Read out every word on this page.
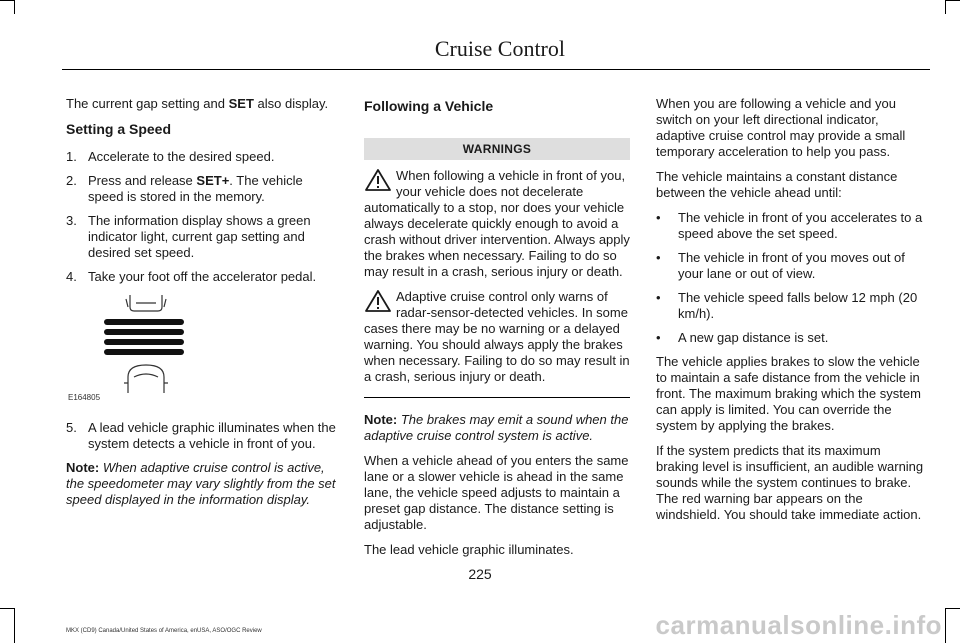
Cruise Control

The current gap setting and SET also display.

Setting a Speed
1. Accelerate to the desired speed.
2. Press and release SET+. The vehicle speed is stored in the memory.
3. The information display shows a green indicator light, current gap setting and desired set speed.
4. Take your foot off the accelerator pedal.
E164805
5. A lead vehicle graphic illuminates when the system detects a vehicle in front of you.

Note: When adaptive cruise control is active, the speedometer may vary slightly from the set speed displayed in the information display.

Following a Vehicle
WARNINGS

When following a vehicle in front of you, your vehicle does not decelerate automatically to a stop, nor does your vehicle always decelerate quickly enough to avoid a crash without driver intervention. Always apply the brakes when necessary. Failing to do so may result in a crash, serious injury or death.

Adaptive cruise control only warns of radar-sensor-detected vehicles. In some cases there may be no warning or a delayed warning. You should always apply the brakes when necessary. Failing to do so may result in a crash, serious injury or death.

Note: The brakes may emit a sound when the adaptive cruise control system is active.

When a vehicle ahead of you enters the same lane or a slower vehicle is ahead in the same lane, the vehicle speed adjusts to maintain a preset gap distance. The distance setting is adjustable.

The lead vehicle graphic illuminates.

When you are following a vehicle and you switch on your left directional indicator, adaptive cruise control may provide a small temporary acceleration to help you pass.

The vehicle maintains a constant distance between the vehicle ahead until:

• The vehicle in front of you accelerates to a speed above the set speed.
• The vehicle in front of you moves out of your lane or out of view.
• The vehicle speed falls below 12 mph (20 km/h).
• A new gap distance is set.

The vehicle applies brakes to slow the vehicle to maintain a safe distance from the vehicle in front. The maximum braking which the system can apply is limited. You can override the system by applying the brakes.

If the system predicts that its maximum braking level is insufficient, an audible warning sounds while the system continues to brake. The red warning bar appears on the windshield. You should take immediate action.

225
MKX (CD9) Canada/United States of America, enUSA, ASO/OGC Review	carmanualsonline.info
